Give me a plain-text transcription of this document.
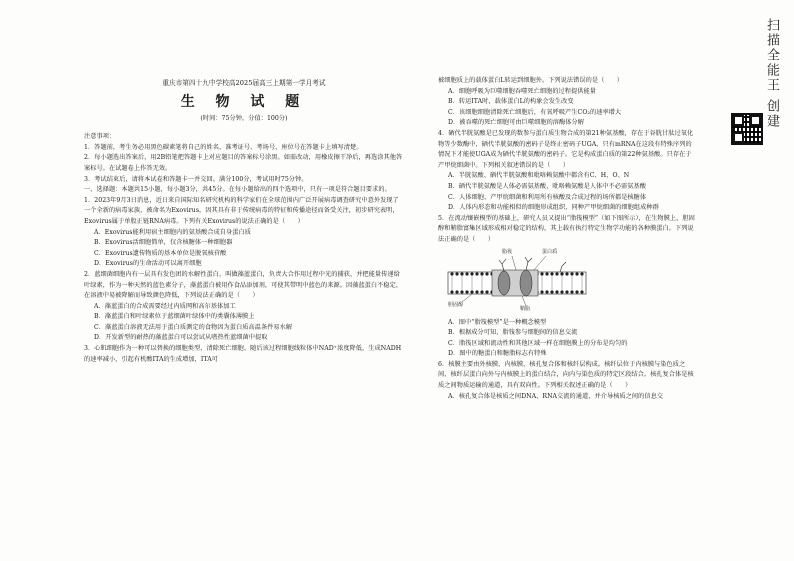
重庆市第四十九中学校高2025届高三上期第一学月考试
生 物 试 题
(时间：75分钟，分值：100分)
注意事项：

1．答题前，考生务必用黑色碳素笔将自己的姓名、准考证号、考场号、座位号在答题卡上填写清楚。

2．每小题选出答案后，用2B铅笔把答题卡上对应题目的答案标号涂黑。如需改动，用橡皮擦干净后，再选涂其他答案标号。在试题卷上作答无效。

3．考试结束后，请将本试卷和答题卡一并交回。满分100分，考试用时75分钟。

一、选择题：本题共15小题，每小题3分，共45分。在每小题给出的四个选项中，只有一项是符合题目要求的。

1．2023年9月3日消息，近日来自国际知名研究机构的科学家们在全球范围内广泛开展病毒调查研究中意外发现了一个全新的病毒家族，被命名为Exovirus，因其具有非于传统病毒的特征和传播途径而备受关注，初步研究表明，Exovirus属于单股正链RNA病毒。下列有关Exovirus的说法正确的是（　　）

A．Exovirus能利用宿主细胞内的氨基酸合成自身蛋白质

B．Exovirus活细胞简单，仅含核糖体一种细胞器

C．Exovirus遗传物质的基本单位是脱氧核苷酸

D．Exovirus的生命活动可以离开细胞

2．蓝细菌细胞内有一层具有发色团的水解性蛋白，叫做藻蓝蛋白，负责大合作用过程中光的捕获，并把能量传递给叶绿素，作为一种天然的蓝色素分子，藻蓝蛋白被用作食品添加剂，可使其带明中蓝色的来源。因藻蓝蛋白不稳定，在溶液中易被降解而导致颜色降低，下列说法正确的是（　　）

A．藻蓝蛋白的合成需要经过内质网和高尔基体加工

B．藻蓝蛋白和叶绿素位于蓝细菌叶绿体中的类囊体薄膜上

C．藻蓝蛋白溶液无法用于蛋白质测定的食物因为蛋白质高温条件易水解

D．开发新型的耐热的藻蓝蛋白可以尝试从嗜热性蓝细菌中提取

3．心肌细胞作为一种可以替换的细胞类型，清除死亡细胞。随后该过程细胞线粒体中NAD⁺浓度降低，生成NADH的速率减小，引起有机酸ITA的生成增加，ITA可

被细胞质上的载体蛋白L转运到细胞外。下列说法错误的是（　　）

A．细胞呼吸为巨噬细胞吞噬死亡细胞的过程提供能量

B．转运ITA时，载体蛋白L的构象会发生改变

C．该细胞细胞清除死亡细胞后，有氧呼吸产生CO₂的速率增大

D．被吞噬的死亡细胞可由巨噬细胞的溶酶体分解

4．硒代半胱氨酸是已发现的数参与蛋白质生物合成的第21种氨基酸，存在于谷胱甘肽过氧化物等少数酶中，硒代半胱氨酸的密码子是终止密码子UGA，只有mRNA在这段有特殊序列的情况下才能使UGA成为硒代半胱氨酸的密码子。它是构成蛋白质的第22种氨基酸。只存在于产甲烷细菌中。下列相关叙述错误的是（　　）

A．半胱氨酸、硒代半胱氨酸和吡咯赖氨酸中都含有C、H、O、N

B．硒代半胱氨酸是人体必需氨基酸，吡咯赖氨酸是人体中不必需氨基酸

C．人体细胞、产甲烷细菌和利用所有核酸及合成过程的场所都是核糖体

D．人体内形态和功能相似的细胞形成组织，同种产甲烷细菌的细胞组成种群

5．在流动镶嵌模型的基础上，研究人员又提出“脂筏模型”（如下图所示），在生物膜上，胆固醇和鞘脂富集区域形成相对稳定的结构，其上载有执行特定生物学功能的各种膜蛋白。下列说法正确的是（　　）

脂筏	蛋白质
胆固醇
鞘脂

A．图中“脂筏模型”是一种概念模型

B．根据成分可知，脂筏参与细胞间的信息交流

C．脂筏区域和流动性和其他区域一样在细胞膜上的分布是均匀的

D．图中的糖蛋白和糖脂标志有特殊

6．核膜主要由外核膜、内核膜、核孔复合体和核纤层构成。核纤层位于内核膜与染色质之间，核纤层蛋白向外与内核膜上的蛋白结合，向内与染色质的特定区段结合。核孔复合体是核质之间物质运输的通道，具有双向性。下列相关叙述正确的是（　　）

A．核孔复合体是核质之间DNA、RNA交流的通道，并介导核质之间的信息交

扫描全能王 创建
